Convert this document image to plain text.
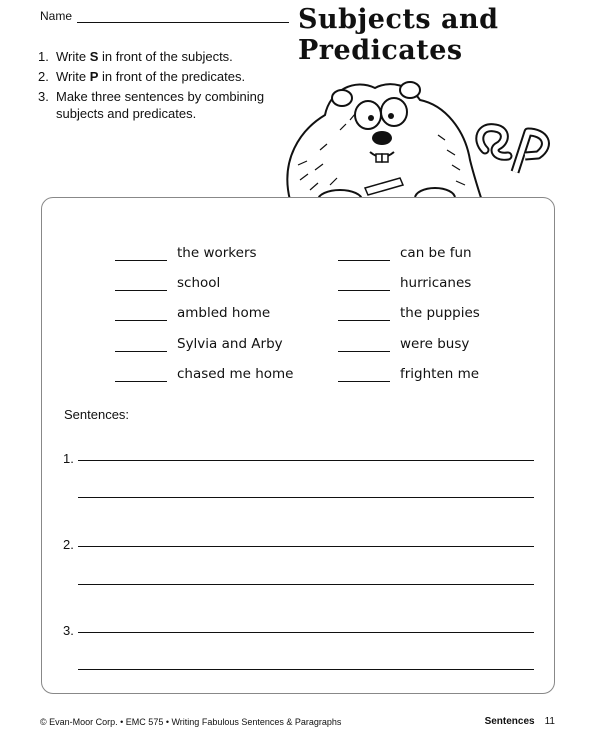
Name	Subjects and
Predicates
1. Write S in front of the subjects.
2. Write P in front of the predicates.
3. Make three sentences by combining subjects and predicates.
the workers
school
ambled home
Sylvia and Arby
chased me home
can be fun
hurricanes
the puppies
were busy
frighten me
Sentences:
1.
2.
3.
© Evan-Moor Corp. • EMC 575 • Writing Fabulous Sentences & Paragraphs	Sentences 11
